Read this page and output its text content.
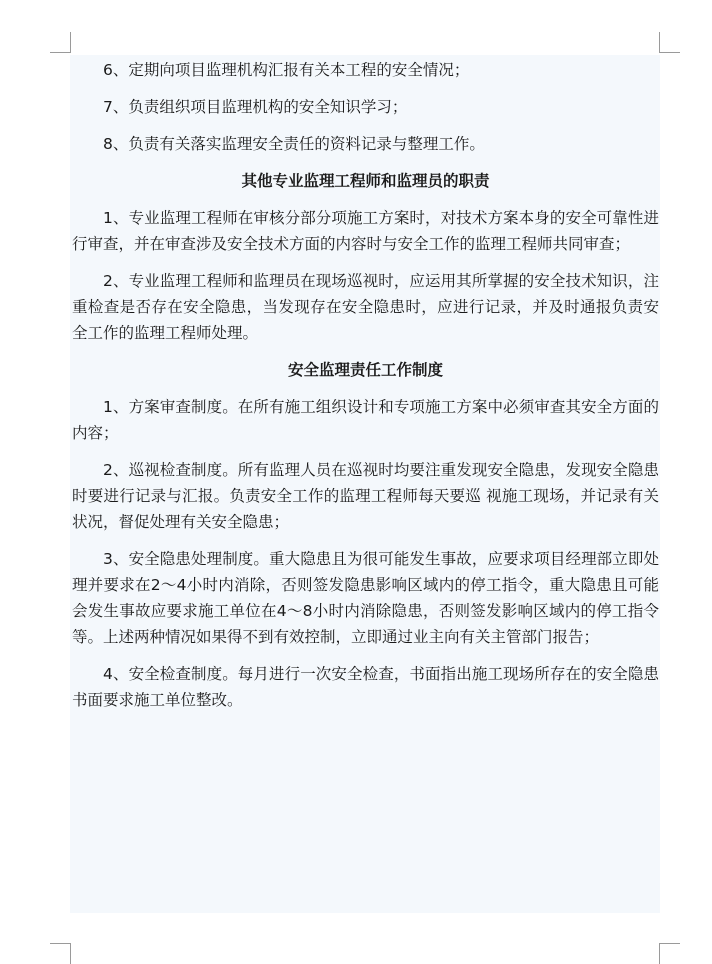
6、定期向项目监理机构汇报有关本工程的安全情况；

7、负责组织项目监理机构的安全知识学习；

8、负责有关落实监理安全责任的资料记录与整理工作。

其他专业监理工程师和监理员的职责

1、专业监理工程师在审核分部分项施工方案时，对技术方案本身的安全可靠性进行审查，并在审查涉及安全技术方面的内容时与安全工作的监理工程师共同审查；

2、专业监理工程师和监理员在现场巡视时，应运用其所掌握的安全技术知识，注重检查是否存在安全隐患，当发现存在安全隐患时，应进行记录，并及时通报负责安全工作的监理工程师处理。

安全监理责任工作制度

1、方案审查制度。在所有施工组织设计和专项施工方案中必须审查其安全方面的内容；

2、巡视检查制度。所有监理人员在巡视时均要注重发现安全隐患，发现安全隐患时要进行记录与汇报。负责安全工作的监理工程师每天要巡 视施工现场，并记录有关状况，督促处理有关安全隐患；

3、安全隐患处理制度。重大隐患且为很可能发生事故，应要求项目经理部立即处理并要求在2～4小时内消除，否则签发隐患影响区域内的停工指令，重大隐患且可能会发生事故应要求施工单位在4～8小时内消除隐患，否则签发影响区域内的停工指令等。上述两种情况如果得不到有效控制，立即通过业主向有关主管部门报告；

4、安全检查制度。每月进行一次安全检查，书面指出施工现场所存在的安全隐患书面要求施工单位整改。
